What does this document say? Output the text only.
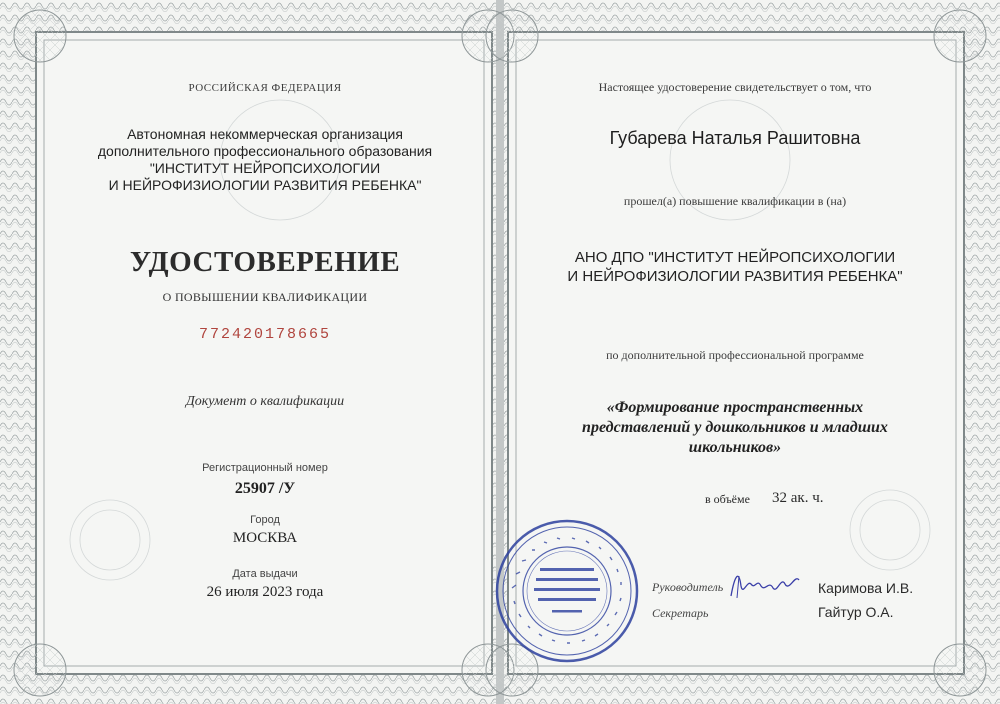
РОССИЙСКАЯ ФЕДЕРАЦИЯ
Автономная некоммерческая организация
дополнительного профессионального образования
"ИНСТИТУТ НЕЙРОПСИХОЛОГИИ
И НЕЙРОФИЗИОЛОГИИ РАЗВИТИЯ РЕБЕНКА"
УДОСТОВЕРЕНИЕ
О ПОВЫШЕНИИ КВАЛИФИКАЦИИ
772420178665
Документ о квалификации
Регистрационный номер
25907 /У
Город
МОСКВА
Дата выдачи
26 июля 2023 года
Настоящее удостоверение свидетельствует о том, что
Губарева Наталья Рашитовна
прошел(а) повышение квалификации в (на)
АНО ДПО "ИНСТИТУТ НЕЙРОПСИХОЛОГИИ
И НЕЙРОФИЗИОЛОГИИ РАЗВИТИЯ РЕБЕНКА"
по дополнительной профессиональной программе
«Формирование пространственных
представлений у дошкольников и младших
школьников»
в объёме 32 ак. ч.
Руководитель	Каримова И.В.
Секретарь	Гайтур О.А.
